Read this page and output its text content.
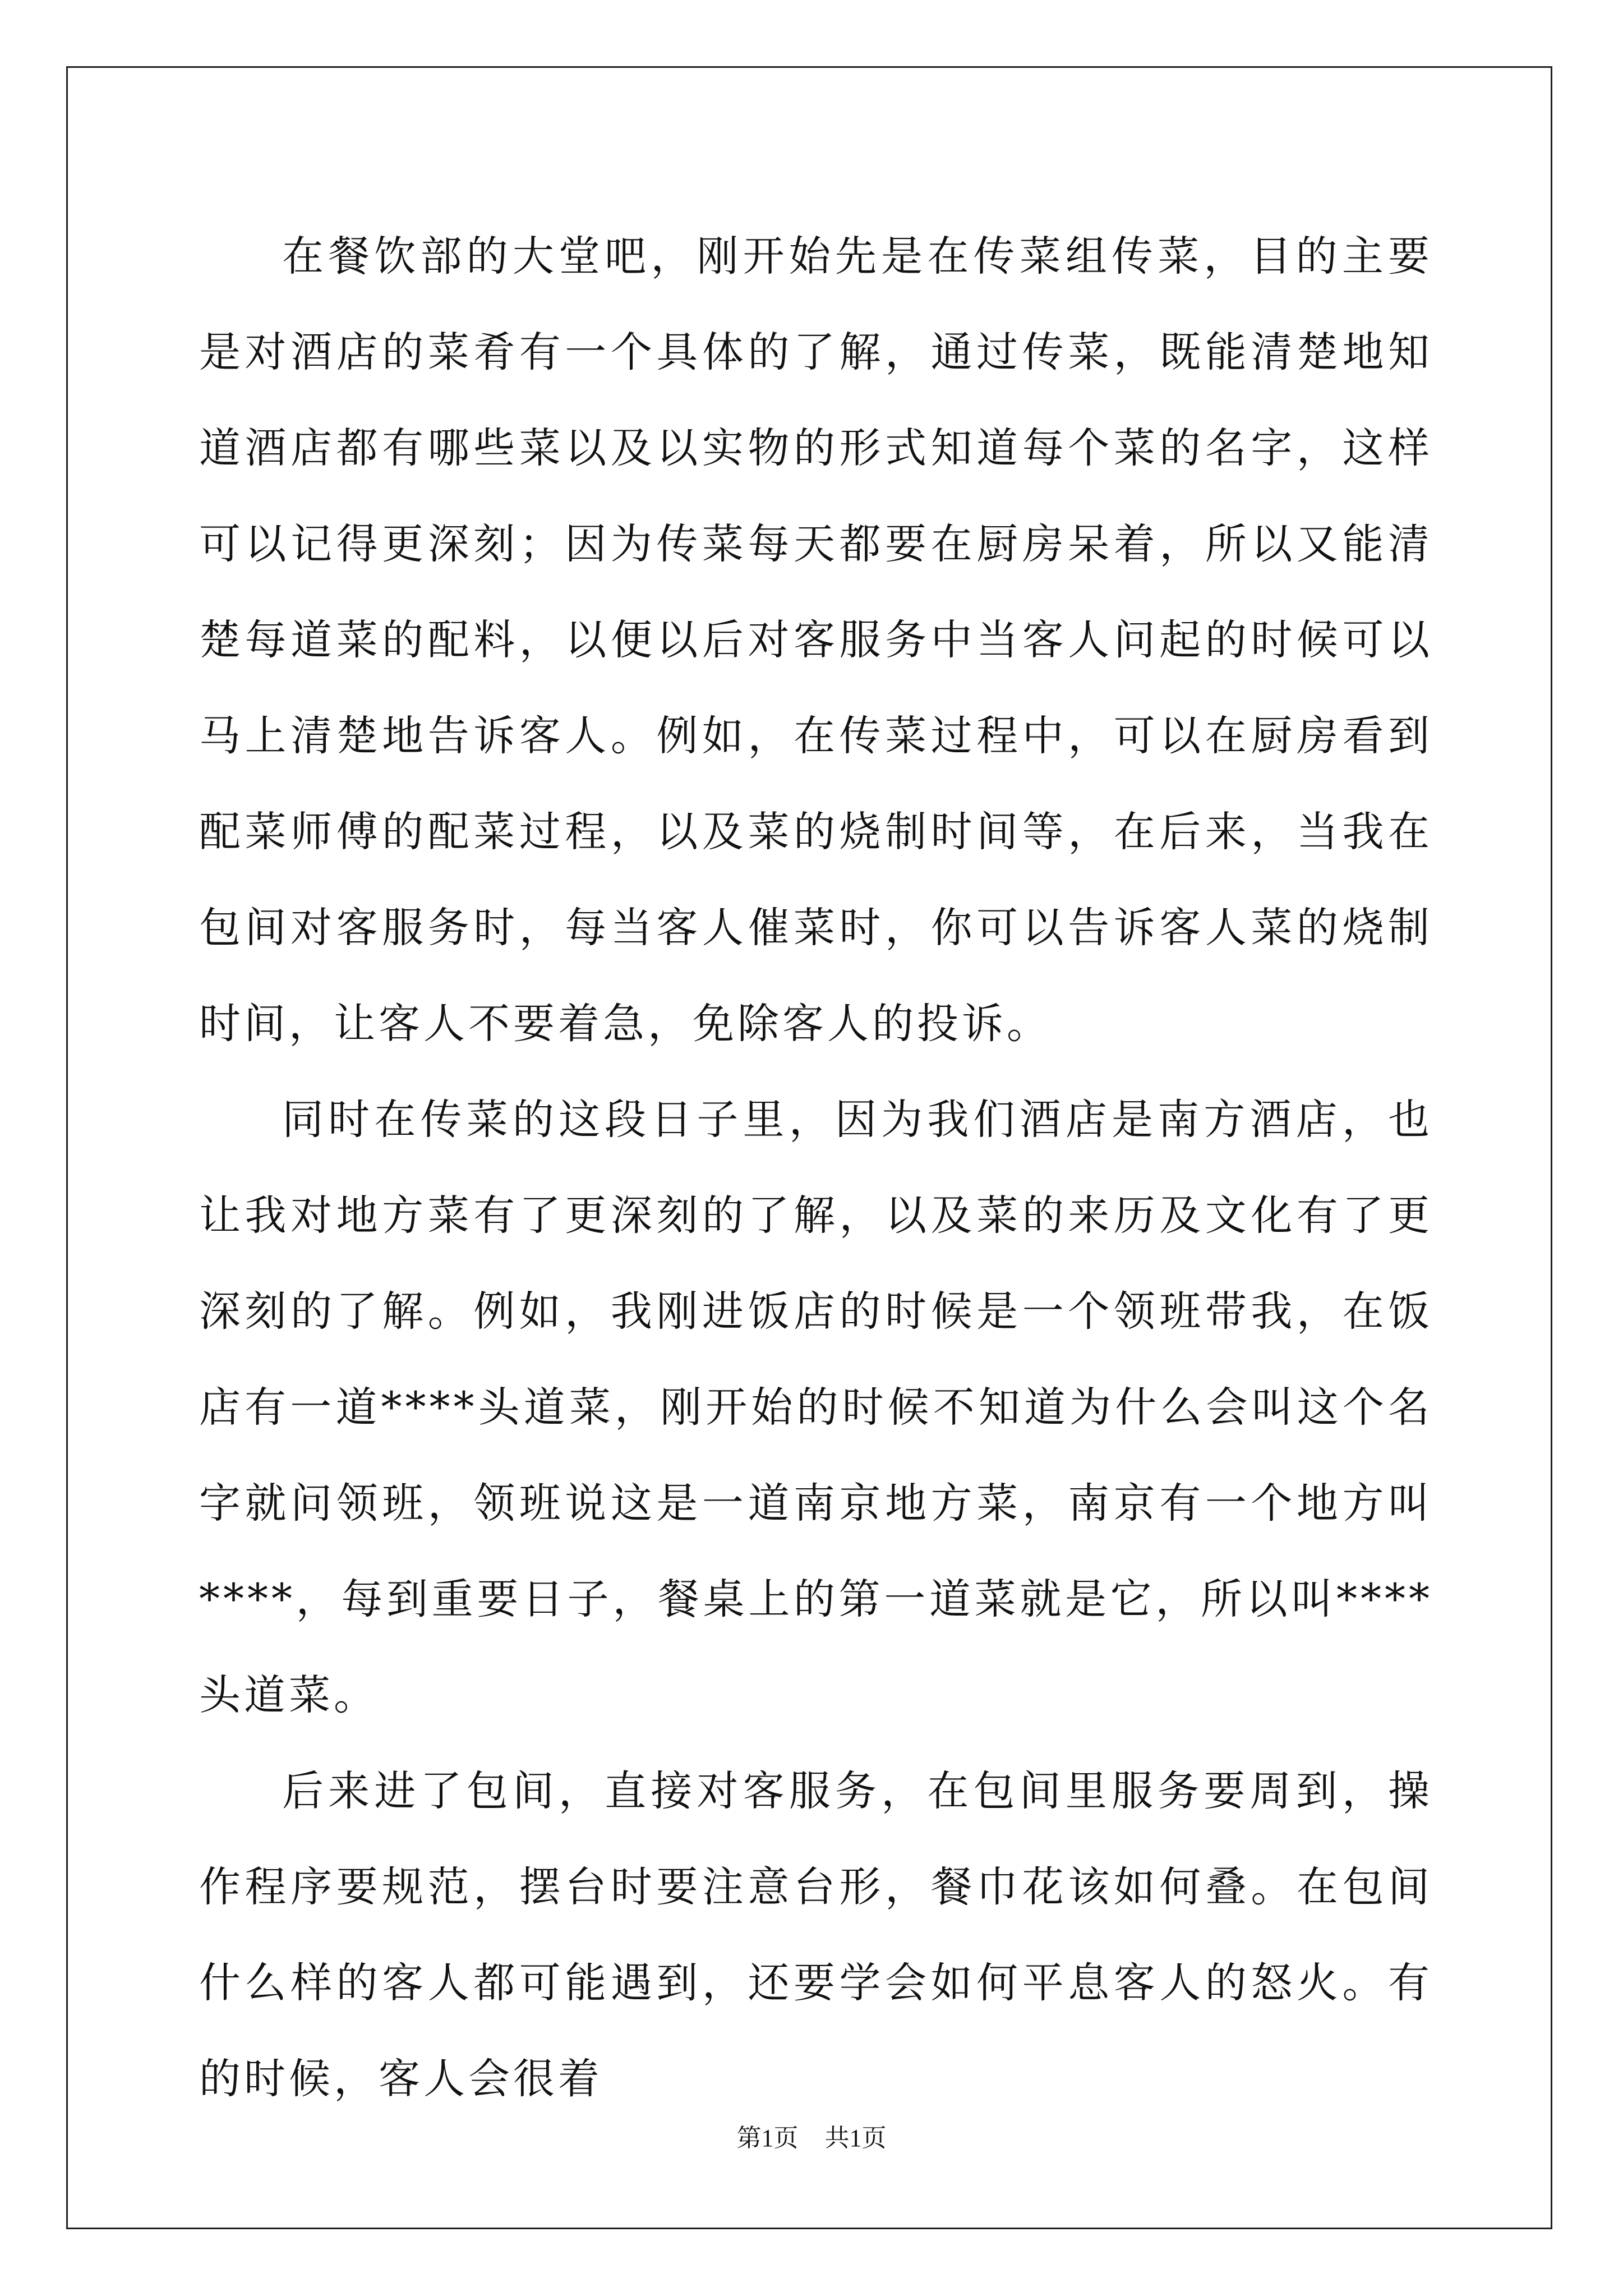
在餐饮部的大堂吧，刚开始先是在传菜组传菜，目的主要是对酒店的菜肴有一个具体的了解，通过传菜，既能清楚地知道酒店都有哪些菜以及以实物的形式知道每个菜的名字，这样可以记得更深刻；因为传菜每天都要在厨房呆着，所以又能清楚每道菜的配料，以便以后对客服务中当客人问起的时候可以马上清楚地告诉客人。例如，在传菜过程中，可以在厨房看到配菜师傅的配菜过程，以及菜的烧制时间等，在后来，当我在包间对客服务时，每当客人催菜时，你可以告诉客人菜的烧制时间，让客人不要着急，免除客人的投诉。

同时在传菜的这段日子里，因为我们酒店是南方酒店，也让我对地方菜有了更深刻的了解，以及菜的来历及文化有了更深刻的了解。例如，我刚进饭店的时候是一个领班带我，在饭店有一道****头道菜，刚开始的时候不知道为什么会叫这个名字就问领班，领班说这是一道南京地方菜，南京有一个地方叫****，每到重要日子，餐桌上的第一道菜就是它，所以叫****头道菜。

后来进了包间，直接对客服务，在包间里服务要周到，操作程序要规范，摆台时要注意台形，餐巾花该如何叠。在包间什么样的客人都可能遇到，还要学会如何平息客人的怒火。有的时候，客人会很着

第1页 共1页
